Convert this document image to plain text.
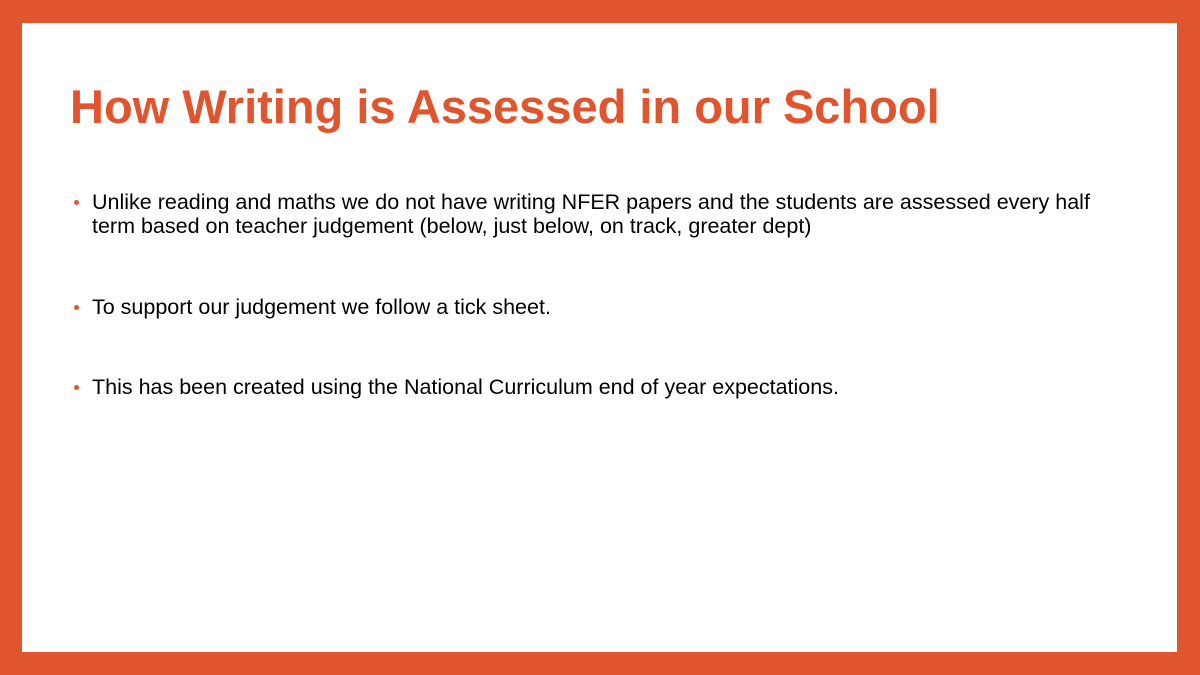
How Writing is Assessed in our School
Unlike reading and maths we do not have writing NFER papers and the students are assessed every half term based on teacher judgement (below, just below, on track, greater dept)
To support our judgement we follow a tick sheet.
This has been created using the National Curriculum end of year expectations.
